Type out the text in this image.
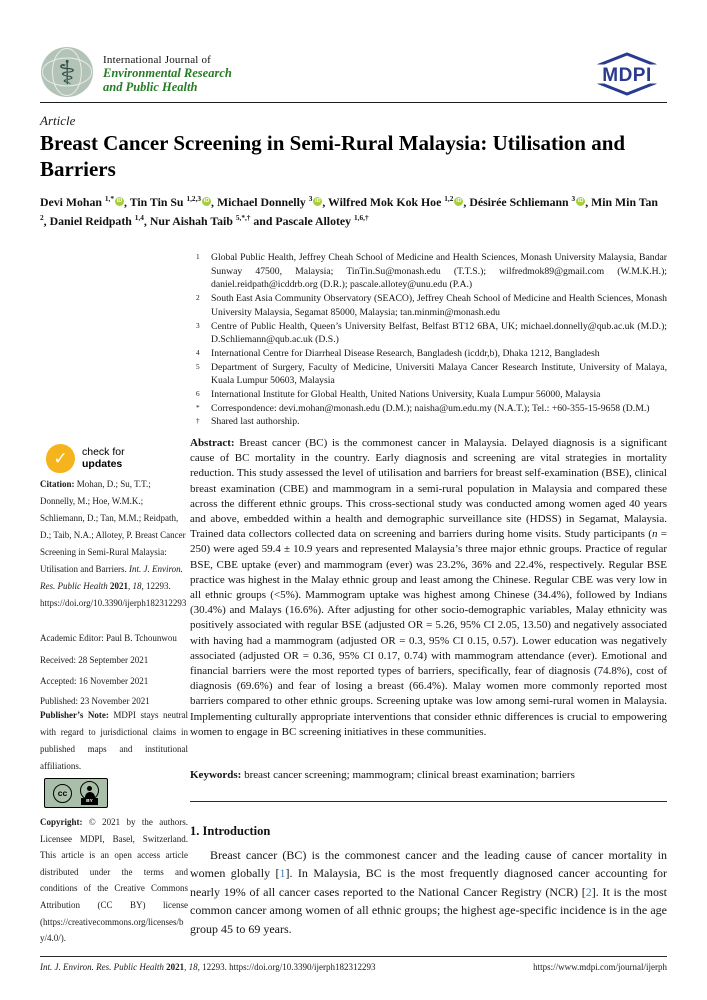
⚕ International Journal of
Environmental Research
and Public Health
MDPI
Article
Breast Cancer Screening in Semi-Rural Malaysia: Utilisation and Barriers
Devi Mohan $^{1,*}$ iD , Tin Tin Su $^{1,2,3}$ iD , Michael Donnelly $^3$ iD , Wilfred Mok Kok Hoe $^{1,2}$ iD , Désirée Schliemann $^3$ iD , Min Min Tan $^2$, Daniel Reidpath $^{1,4}$, Nur Aishah Taib $^{5,*,\dagger}$ and Pascale Allotey $^{1,6,\dagger}$
1	Global Public Health, Jeffrey Cheah School of Medicine and Health Sciences, Monash University Malaysia, Bandar Sunway 47500, Malaysia; TinTin.Su@monash.edu (T.T.S.); wilfredmok89@gmail.com (W.M.K.H.); daniel.reidpath@icddrb.org (D.R.); pascale.allotey@unu.edu (P.A.)
2	South East Asia Community Observatory (SEACO), Jeffrey Cheah School of Medicine and Health Sciences, Monash University Malaysia, Segamat 85000, Malaysia; tan.minmin@monash.edu
3	Centre of Public Health, Queen’s University Belfast, Belfast BT12 6BA, UK; michael.donnelly@qub.ac.uk (M.D.); D.Schliemann@qub.ac.uk (D.S.)
4	International Centre for Diarrheal Disease Research, Bangladesh (icddr,b), Dhaka 1212, Bangladesh
5	Department of Surgery, Faculty of Medicine, Universiti Malaya Cancer Research Institute, University of Malaya, Kuala Lumpur 50603, Malaysia
6	International Institute for Global Health, United Nations University, Kuala Lumpur 56000, Malaysia
*	Correspondence: devi.mohan@monash.edu (D.M.); naisha@um.edu.my (N.A.T.); Tel.: +60-355-15-9658 (D.M.)
†	Shared last authorship.
Abstract: Breast cancer (BC) is the commonest cancer in Malaysia. Delayed diagnosis is a significant cause of BC mortality in the country. Early diagnosis and screening are vital strategies in mortality reduction. This study assessed the level of utilisation and barriers for breast self-examination (BSE), clinical breast examination (CBE) and mammogram in a semi-rural population in Malaysia and compared these across the different ethnic groups. This cross-sectional study was conducted among women aged 40 years and above, embedded within a health and demographic surveillance site (HDSS) in Segamat, Malaysia. Trained data collectors collected data on screening and barriers during home visits. Study participants (n = 250) were aged 59.4 ± 10.9 years and represented Malaysia’s three major ethnic groups. Practice of regular BSE, CBE uptake (ever) and mammogram (ever) was 23.2%, 36% and 22.4%, respectively. Regular BSE practice was highest in the Malay ethnic group and least among the Chinese. Regular CBE was very low in all ethnic groups (<5%). Mammogram uptake was highest among Chinese (34.4%), followed by Indians (30.4%) and Malays (16.6%). After adjusting for other socio-demographic variables, Malay ethnicity was positively associated with regular BSE (adjusted OR = 5.26, 95% CI 2.05, 13.50) and negatively associated with having had a mammogram (adjusted OR = 0.3, 95% CI 0.15, 0.57). Lower education was negatively associated (adjusted OR = 0.36, 95% CI 0.17, 0.74) with mammogram attendance (ever). Emotional and financial barriers were the most reported types of barriers, specifically, fear of diagnosis (74.8%), cost of diagnosis (69.6%) and fear of losing a breast (66.4%). Malay women more commonly reported most barriers compared to other ethnic groups. Screening uptake was low among semi-rural women in Malaysia. Implementing culturally appropriate interventions that consider ethnic differences is crucial to empowering women to engage in BC screening initiatives in these communities.
Keywords: breast cancer screening; mammogram; clinical breast examination; barriers
1. Introduction

Breast cancer (BC) is the commonest cancer and the leading cause of cancer mortality in women globally [1]. In Malaysia, BC is the most frequently diagnosed cancer accounting for nearly 19% of all cancer cases reported to the National Cancer Registry (NCR) [2]. It is the most common cancer among women of all ethnic groups; the highest age-specific incidence is in the age group 45 to 69 years.

✓	check for
updates
Citation: Mohan, D.; Su, T.T.; Donnelly, M.; Hoe, W.M.K.; Schliemann, D.; Tan, M.M.; Reidpath, D.; Taib, N.A.; Allotey, P. Breast Cancer Screening in Semi-Rural Malaysia: Utilisation and Barriers. Int. J. Environ. Res. Public Health 2021, 18, 12293. https://doi.org/10.3390/ijerph182312293
Academic Editor: Paul B. Tchounwou
Received: 28 September 2021
Accepted: 16 November 2021
Published: 23 November 2021
Publisher’s Note: MDPI stays neutral with regard to jurisdictional claims in published maps and institutional affiliations.
cc
BY
Copyright: © 2021 by the authors. Licensee MDPI, Basel, Switzerland. This article is an open access article distributed under the terms and conditions of the Creative Commons Attribution (CC BY) license (https://creativecommons.org/licenses/by/4.0/).
Int. J. Environ. Res. Public Health 2021, 18, 12293. https://doi.org/10.3390/ijerph182312293	https://www.mdpi.com/journal/ijerph
